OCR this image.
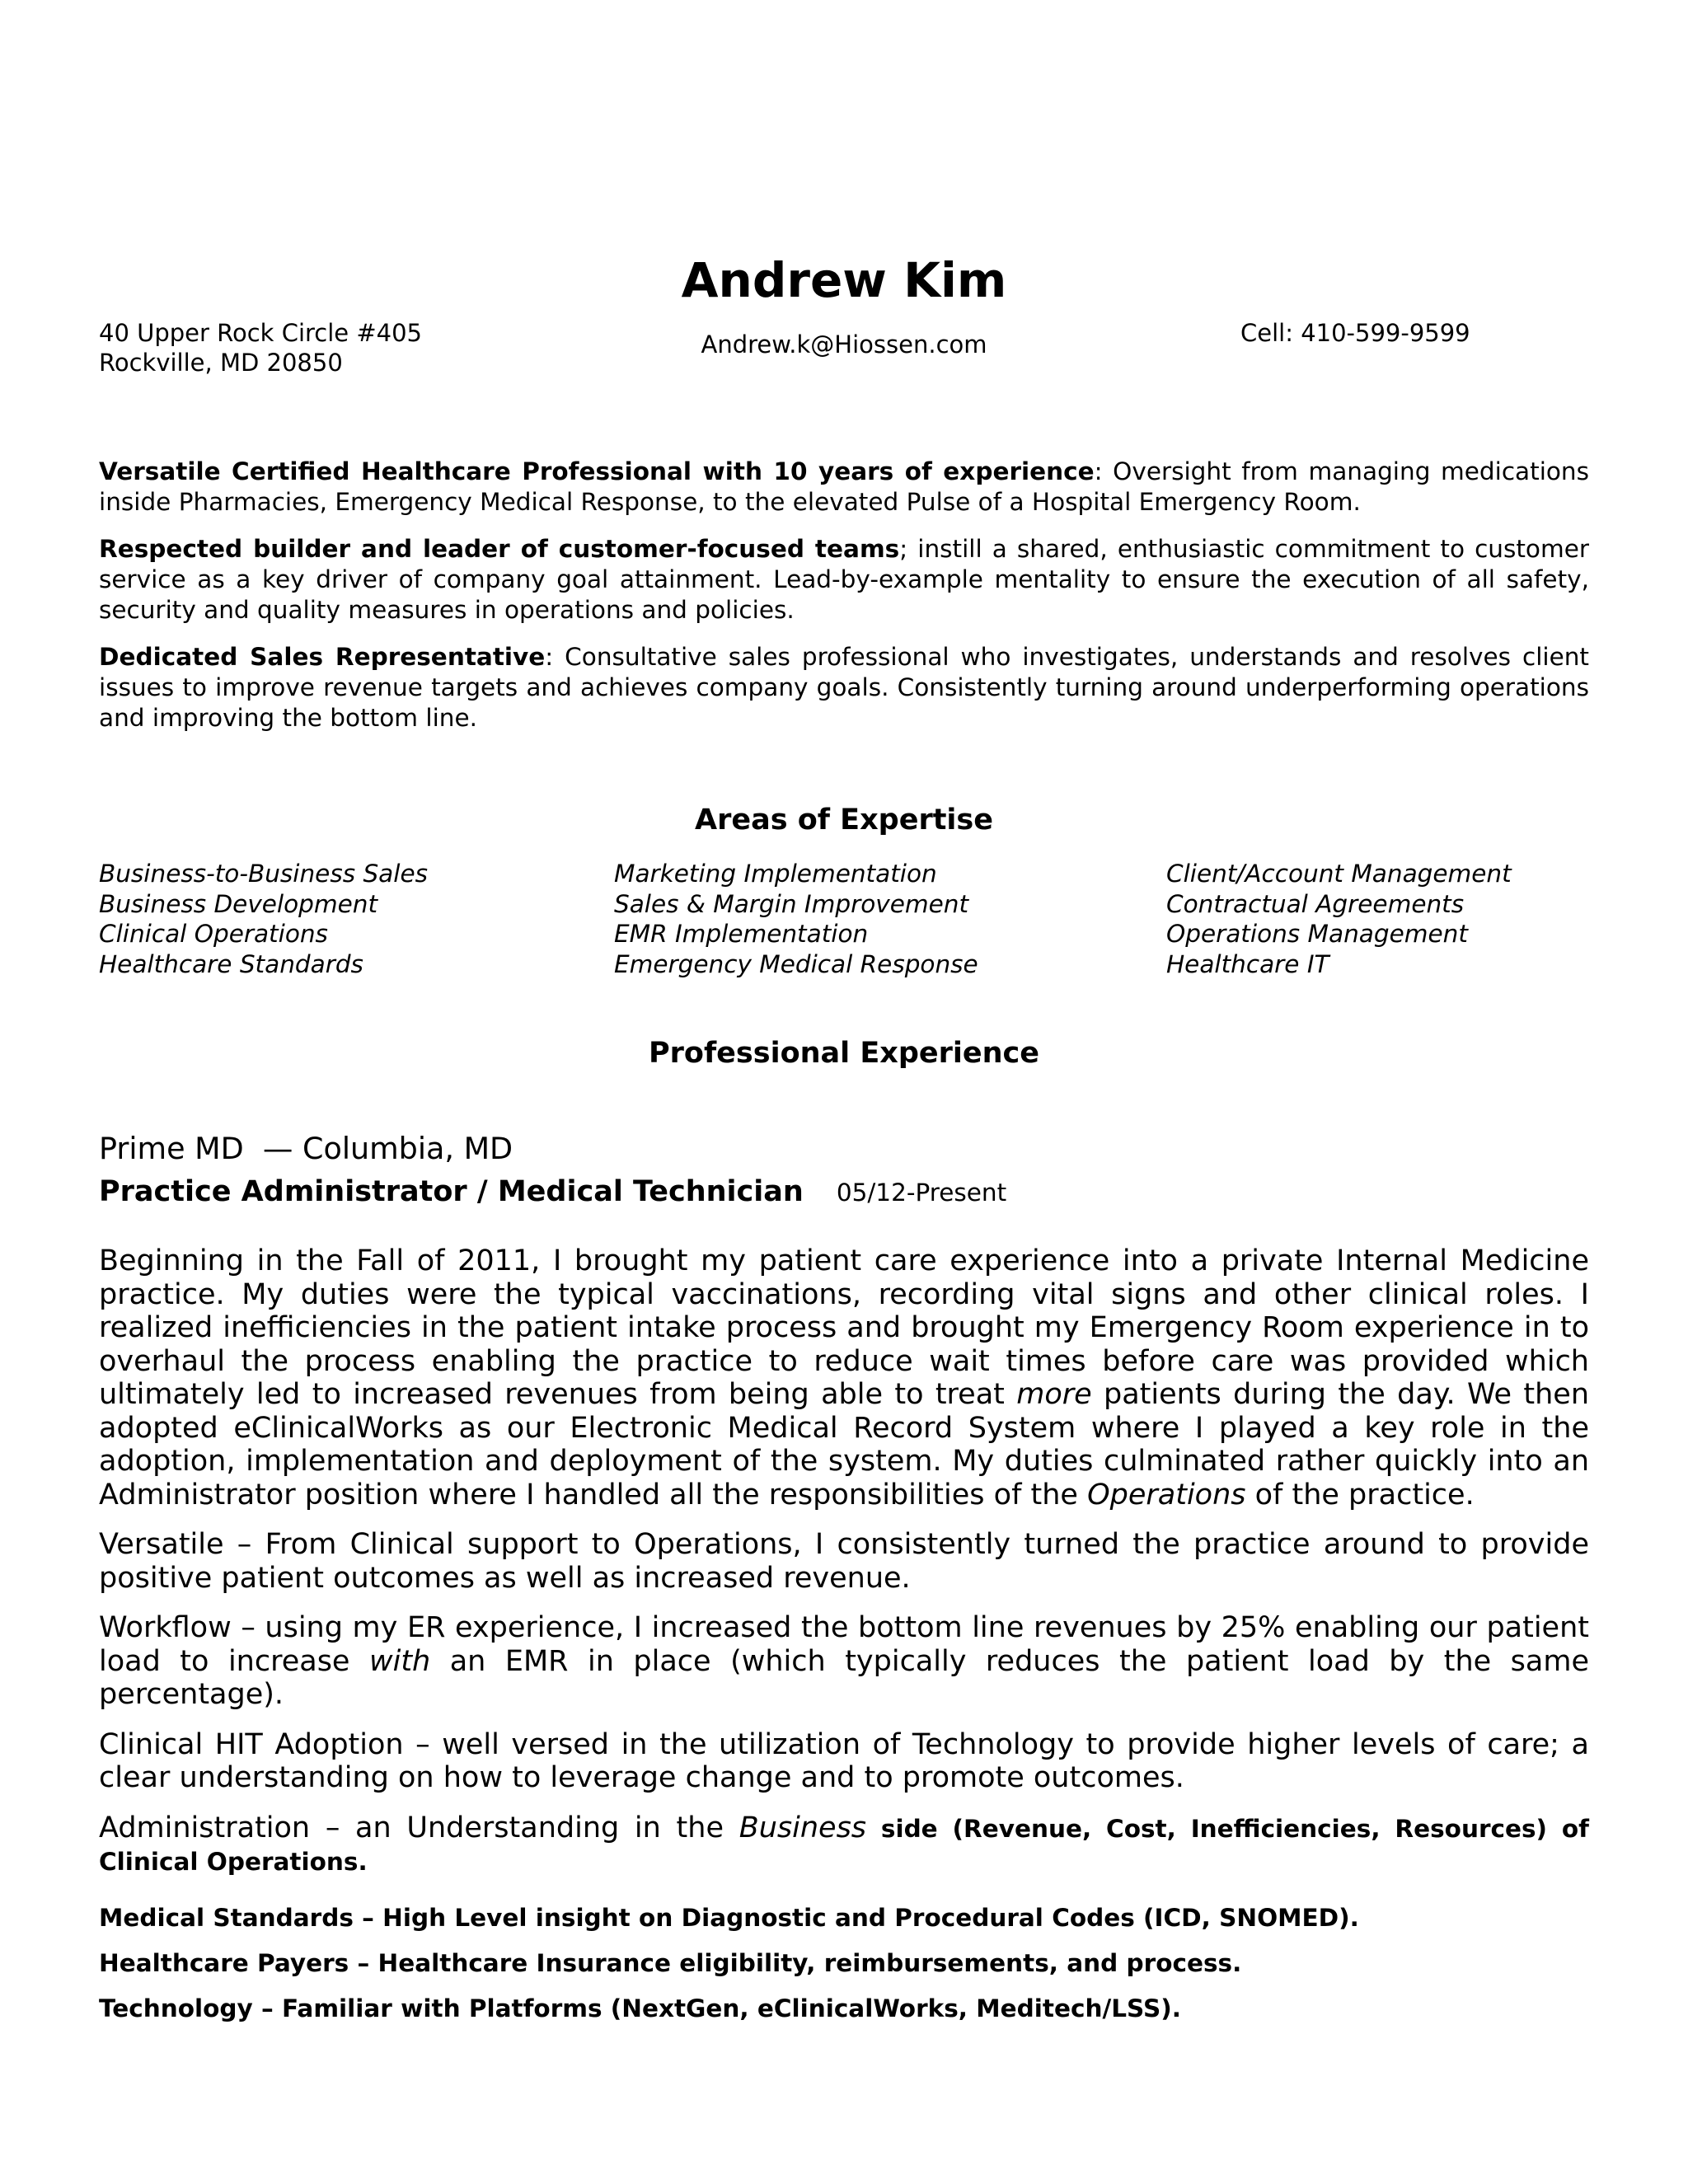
Andrew Kim
40 Upper Rock Circle #405
Rockville, MD 20850
Andrew.k@Hiossen.com	Cell: 410-599-9599

Versatile Certified Healthcare Professional with 10 years of experience: Oversight from managing medications inside Pharmacies, Emergency Medical Response, to the elevated Pulse of a Hospital Emergency Room.

Respected builder and leader of customer-focused teams; instill a shared, enthusiastic commitment to customer service as a key driver of company goal attainment. Lead-by-example mentality to ensure the execution of all safety, security and quality measures in operations and policies.

Dedicated Sales Representative: Consultative sales professional who investigates, understands and resolves client issues to improve revenue targets and achieves company goals. Consistently turning around underperforming operations and improving the bottom line.

Areas of Expertise
Business-to-Business Sales
Business Development
Clinical Operations
Healthcare Standards
Marketing Implementation
Sales & Margin Improvement
EMR Implementation
Emergency Medical Response
Client/Account Management
Contractual Agreements
Operations Management
Healthcare IT
Professional Experience
Prime MD  — Columbia, MD
Practice Administrator / Medical Technician 05/12-Present

Beginning in the Fall of 2011, I brought my patient care experience into a private Internal Medicine practice. My duties were the typical vaccinations, recording vital signs and other clinical roles. I realized inefficiencies in the patient intake process and brought my Emergency Room experience in to overhaul the process enabling the practice to reduce wait times before care was provided which ultimately led to increased revenues from being able to treat more patients during the day. We then adopted eClinicalWorks as our Electronic Medical Record System where I played a key role in the adoption, implementation and deployment of the system. My duties culminated rather quickly into an Administrator position where I handled all the responsibilities of the Operations of the practice.

Versatile – From Clinical support to Operations, I consistently turned the practice around to provide positive patient outcomes as well as increased revenue.

Workflow – using my ER experience, I increased the bottom line revenues by 25% enabling our patient load to increase with an EMR in place (which typically reduces the patient load by the same percentage).

Clinical HIT Adoption – well versed in the utilization of Technology to provide higher levels of care; a clear understanding on how to leverage change and to promote outcomes.

Administration – an Understanding in the Business side (Revenue, Cost, Inefficiencies, Resources) of Clinical Operations.

Medical Standards – High Level insight on Diagnostic and Procedural Codes (ICD, SNOMED).

Healthcare Payers – Healthcare Insurance eligibility, reimbursements, and process.

Technology – Familiar with Platforms (NextGen, eClinicalWorks, Meditech/LSS).
